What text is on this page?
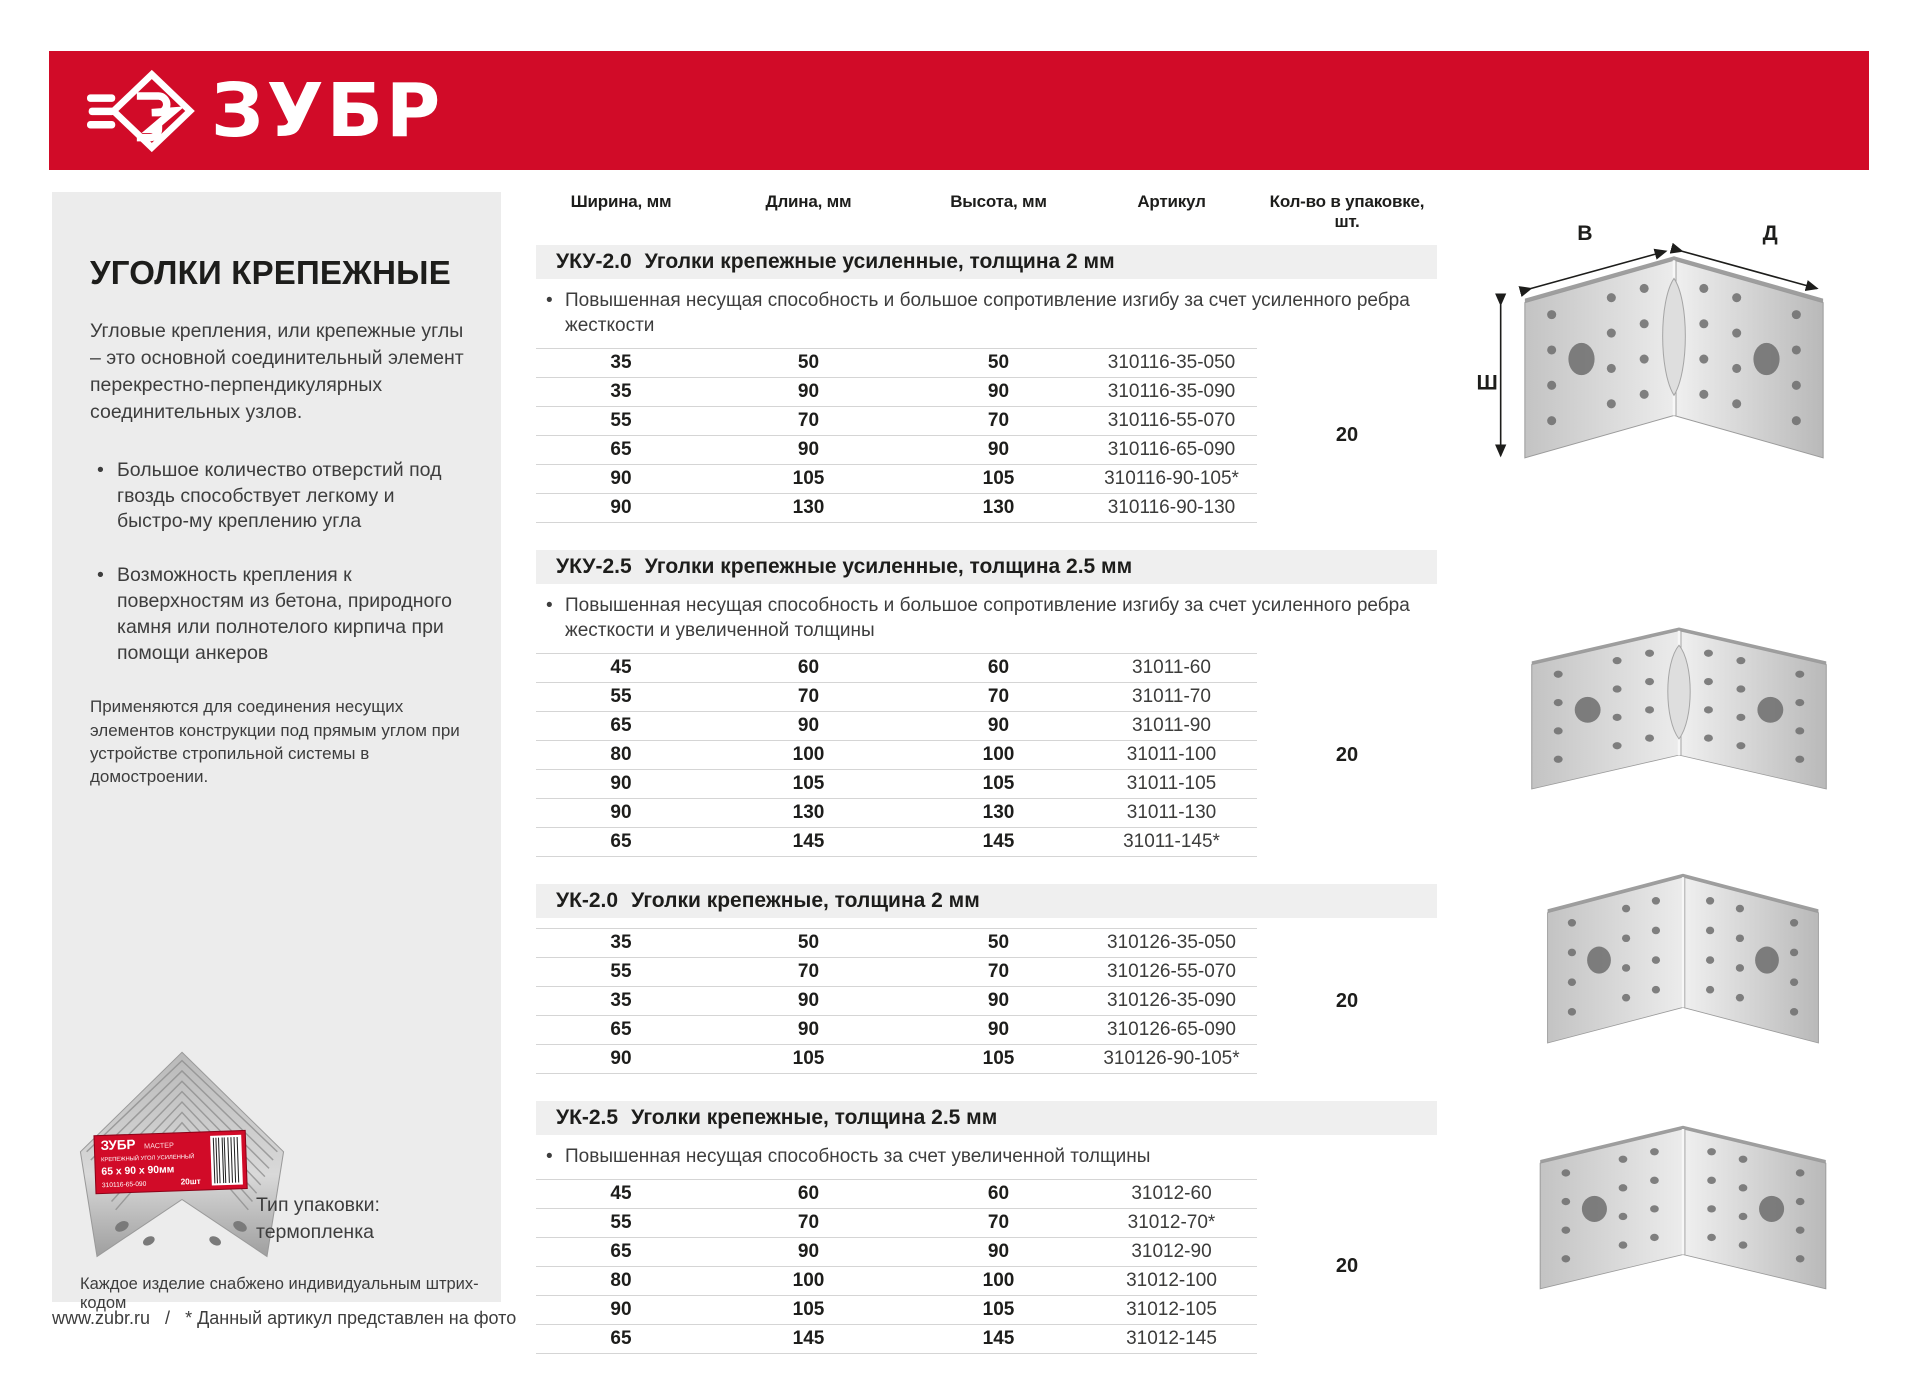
ЗУБР
УГОЛКИ КРЕПЕЖНЫЕ

Угловые крепления, или крепежные углы – это основной соединительный элемент перекрестно-перпендикулярных соединительных узлов.

• Большое количество отверстий под гвоздь способствует легкому и быстро-му креплению угла
• Возможность крепления к поверхностям из бетона, природного камня или полнотелого кирпича при помощи анкеров

Применяются для соединения несущих элементов конструкции под прямым углом при устройстве стропильной системы в домостроении.

ЗУБР МАСТЕР
КРЕПЕЖНЫЙ УГОЛ УСИЛЕННЫЙ
65 x 90 x 90мм
310116-65-090	20шт
Тип упаковки:
термопленка

Каждое изделие снабжено индивидуальным штрих-кодом

Ширина, мм	Длина, мм	Высота, мм	Артикул	Кол-во в упаковке, шт.
УКУ-2.0 Уголки крепежные усиленные, толщина 2 мм
• Повышенная несущая способность и большое сопротивление изгибу за счет усиленного ребра жесткости
35	50	50	310116-35-050
35	90	90	310116-35-090
55	70	70	310116-55-070
65	90	90	310116-65-090
90	105	105	310116-90-105*
90	130	130	310116-90-130
20
УКУ-2.5 Уголки крепежные усиленные, толщина 2.5 мм
• Повышенная несущая способность и большое сопротивление изгибу за счет усиленного ребра жесткости и увеличенной толщины
45	60	60	31011-60
55	70	70	31011-70
65	90	90	31011-90
80	100	100	31011-100
90	105	105	31011-105
90	130	130	31011-130
65	145	145	31011-145*
20
УК-2.0 Уголки крепежные, толщина 2 мм
35	50	50	310126-35-050
55	70	70	310126-55-070
35	90	90	310126-35-090
65	90	90	310126-65-090
90	105	105	310126-90-105*
20
УК-2.5 Уголки крепежные, толщина 2.5 мм
• Повышенная несущая способность за счет увеличенной толщины
45	60	60	31012-60
55	70	70	31012-70*
65	90	90	31012-90
80	100	100	31012-100
90	105	105	31012-105
65	145	145	31012-145
20
В	Д
Ш
www.zubr.ru / * Данный артикул представлен на фото
